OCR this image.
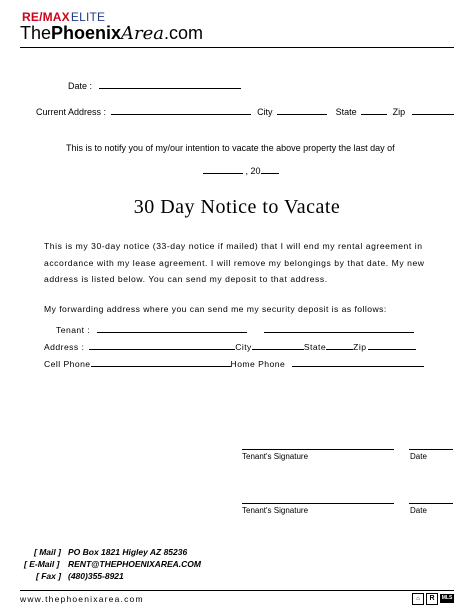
RE/MAXELITE
ThePhoenixArea.com
Date :
Current Address :	City	State	Zip
This is to notify you of my/our intention to vacate the above property the last day of
, 20
30 Day Notice to Vacate
This is my 30-day notice (33-day notice if mailed) that I will end my rental agreement in accordance with my lease agreement. I will remove my belongings by that date. My new address is listed below. You can send my deposit to that address.
My forwarding address where you can send me my security deposit is as follows:
Tenant :
Address :	City	State	Zip
Cell Phone	Home Phone
Tenant's Signature	Date
Tenant's Signature	Date
[ Mail ] PO Box 1821 Higley AZ 85236
[ E-Mail ] RENT@THEPHOENIXAREA.COM
[ Fax ] (480)355-8921
www.thephoenixarea.com	⌂	R	MLS
